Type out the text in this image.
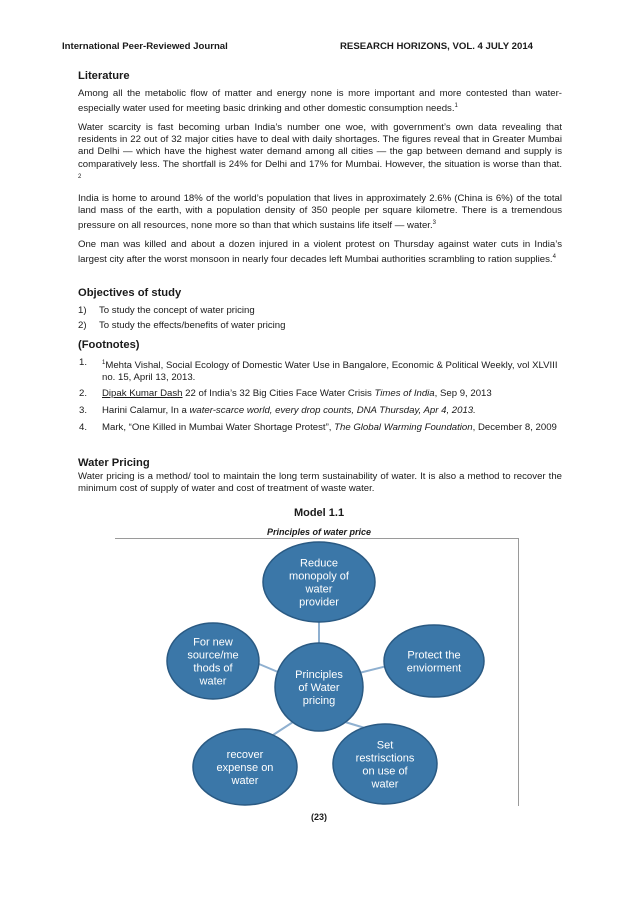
International Peer-Reviewed Journal	RESEARCH HORIZONS, VOL. 4 JULY 2014
Literature
Among all the metabolic flow of matter and energy none is more important and more contested than water-especially water used for meeting basic drinking and other domestic consumption needs.$^1$
Water scarcity is fast becoming urban India’s number one woe, with government’s own data revealing that residents in 22 out of 32 major cities have to deal with daily shortages. The figures reveal that in Greater Mumbai and Delhi — which have the highest water demand among all cities — the gap between demand and supply is comparatively less. The shortfall is 24% for Delhi and 17% for Mumbai. However, the situation is worse than that. $^2$
India is home to around 18% of the world’s population that lives in approximately 2.6% (China is 6%) of the total land mass of the earth, with a population density of 350 people per square kilometre. There is a tremendous pressure on all resources, none more so than that which sustains life itself — water.$^3$
One man was killed and about a dozen injured in a violent protest on Thursday against water cuts in India’s largest city after the worst monsoon in nearly four decades left Mumbai authorities scrambling to ration supplies.$^4$
Objectives of study
1) To study the concept of water pricing
2) To study the effects/benefits of water pricing
(Footnotes)
1. $^1$Mehta Vishal, Social Ecology of Domestic Water Use in Bangalore, Economic & Political Weekly, vol XLVIII no. 15, April 13, 2013.
2. Dipak Kumar Dash 22 of India’s 32 Big Cities Face Water Crisis Times of India, Sep 9, 2013
3. Harini Calamur, In a water-scarce world, every drop counts, DNA Thursday, Apr 4, 2013.
4. Mark, “One Killed in Mumbai Water Shortage Protest”, The Global Warming Foundation, December 8, 2009
Water Pricing
Water pricing is a method/ tool to maintain the long term sustainability of water. It is also a method to recover the minimum cost of supply of water and cost of treatment of waste water.
Model 1.1
Principles of water price
Principles of Water pricing
Reduce monopoly of water provider
Protect the enviorment
Set restrisctions on use of water
recover expense on water
For new source/me thods of water
(23)
